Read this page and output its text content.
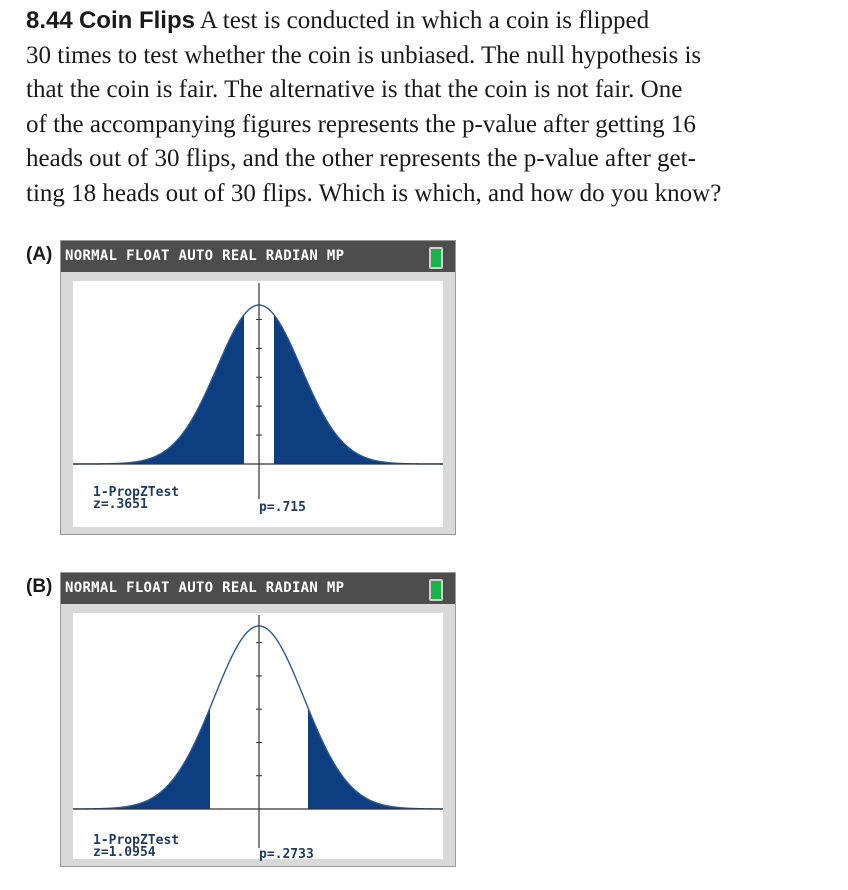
8.44 Coin Flips A test is conducted in which a coin is flipped
30 times to test whether the coin is unbiased. The null hypothesis is
that the coin is fair. The alternative is that the coin is not fair. One
of the accompanying figures represents the p-value after getting 16
heads out of 30 flips, and the other represents the p-value after get-
ting 18 heads out of 30 flips. Which is which, and how do you know?
(A) NORMAL FLOAT AUTO REAL RADIAN MP
1-PropZTest
z=.3651	p=.715
(B) NORMAL FLOAT AUTO REAL RADIAN MP
1-PropZTest
z=1.0954	p=.2733
